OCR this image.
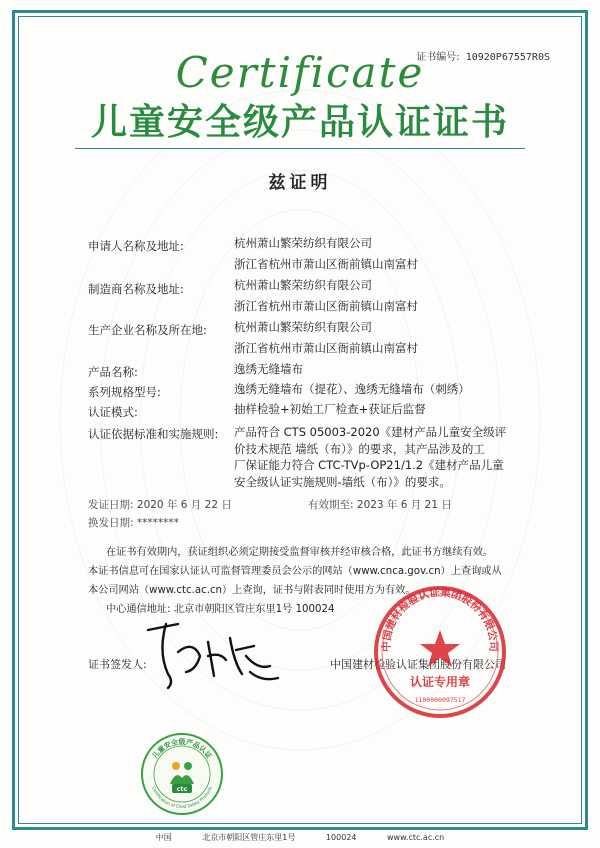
证书编号: 10920P67557R0S
Certificate
儿童安全级产品认证证书
兹证明
申请人名称及地址:	杭州萧山繁荣纺织有限公司
浙江省杭州市萧山区衙前镇山南富村
制造商名称及地址:	杭州萧山繁荣纺织有限公司
浙江省杭州市萧山区衙前镇山南富村
生产企业名称及所在地:	杭州萧山繁荣纺织有限公司
浙江省杭州市萧山区衙前镇山南富村
产品名称:	逸绣无缝墙布
系列规格型号:	逸绣无缝墙布（提花）、逸绣无缝墙布（刺绣）
认证模式:	抽样检验+初始工厂检查+获证后监督
认证依据标准和实施规则:	产品符合 CTS 05003-2020《建材产品儿童安全级评
价技术规范 墙纸（布）》的要求，其产品涉及的工
厂保证能力符合 CTC-TVp-OP21/1.2《建材产品儿童
安全级认证实施规则-墙纸（布）》的要求。
发证日期: 2020 年 6 月 22 日	有效期至: 2023 年 6 月 21 日
换发日期: ********
在证书有效期内，获证组织必须定期接受监督审核并经审核合格，此证书方继续有效。
本证书信息可在国家认证认可监督管理委员会公示的网站（www.cnca.gov.cn）上查询或从
本公司网站（www.ctc.ac.cn）上查询，证书与附表同时使用方为有效。
中心通信地址: 北京市朝阳区管庄东里1号 100024
证书签发人:	中国建材检验认证集团股份有限公司
中国建材检验认证集团股份有限公司
认证专用章
1100000097517
儿童安全级产品认证
Certification of Child Safety Products
ctc
中国	北京市朝阳区管庄东里1号	100024	www.ctc.ac.cn
